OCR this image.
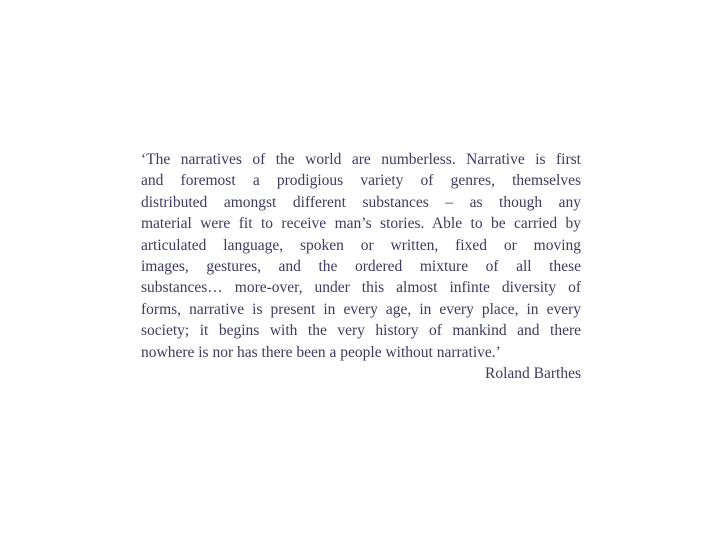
‘The narratives of the world are numberless. Narrative is first
and foremost a prodigious variety of genres, themselves
distributed amongst different substances – as though any
material were fit to receive man’s stories. Able to be carried by
articulated language, spoken or written, fixed or moving
images, gestures, and the ordered mixture of all these
substances… more-over, under this almost infinte diversity of
forms, narrative is present in every age, in every place, in every
society; it begins with the very history of mankind and there
nowhere is nor has there been a people without narrative.’
Roland Barthes
